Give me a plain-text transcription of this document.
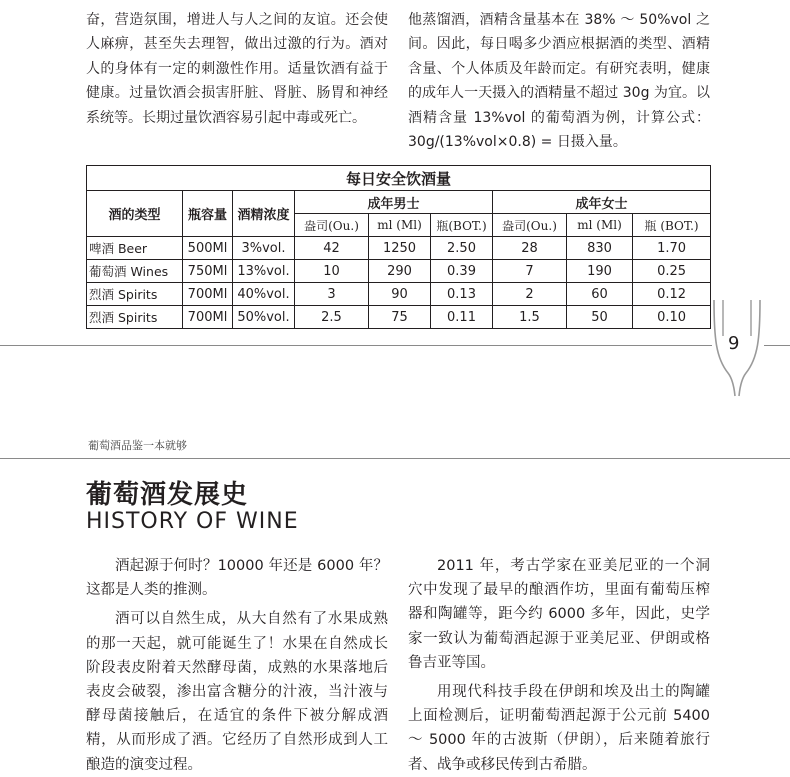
奋，营造氛围，增进人与人之间的友谊。还会使人麻痹，甚至失去理智，做出过激的行为。酒对人的身体有一定的刺激性作用。适量饮酒有益于健康。过量饮酒会损害肝脏、肾脏、肠胃和神经系统等。长期过量饮酒容易引起中毒或死亡。

他蒸馏酒，酒精含量基本在 38% ～ 50%vol 之间。因此，每日喝多少酒应根据酒的类型、酒精含量、个人体质及年龄而定。有研究表明，健康的成年人一天摄入的酒精量不超过 30g 为宜。以酒精含量 13%vol 的葡萄酒为例，计算公式：30g/(13%vol×0.8) = 日摄入量。

每日安全饮酒量								
酒的类型	瓶容量	酒精浓度	成年男士			成年女士		
			盎司(Ou.)	ml (Ml)	瓶(BOT.)	盎司(Ou.)	ml (Ml)	瓶 (BOT.)
啤酒 Beer	500Ml	3%vol.	42	1250	2.50	28	830	1.70
葡萄酒 Wines	750Ml	13%vol.	10	290	0.39	7	190	0.25
烈酒 Spirits	700Ml	40%vol.	3	90	0.13	2	60	0.12
烈酒 Spirits	700Ml	50%vol.	2.5	75	0.11	1.5	50	0.10
9
葡萄酒品鉴一本就够
葡萄酒发展史
HISTORY OF WINE

酒起源于何时？10000 年还是 6000 年？这都是人类的推测。

酒可以自然生成，从大自然有了水果成熟的那一天起，就可能诞生了！水果在自然成长阶段表皮附着天然酵母菌，成熟的水果落地后表皮会破裂，渗出富含糖分的汁液，当汁液与酵母菌接触后，在适宜的条件下被分解成酒精，从而形成了酒。它经历了自然形成到人工酿造的演变过程。

2011 年，考古学家在亚美尼亚的一个洞穴中发现了最早的酿酒作坊，里面有葡萄压榨器和陶罐等，距今约 6000 多年，因此，史学家一致认为葡萄酒起源于亚美尼亚、伊朗或格鲁吉亚等国。

用现代科技手段在伊朗和埃及出土的陶罐上面检测后，证明葡萄酒起源于公元前 5400 ～ 5000 年的古波斯（伊朗），后来随着旅行者、战争或移民传到古希腊。
